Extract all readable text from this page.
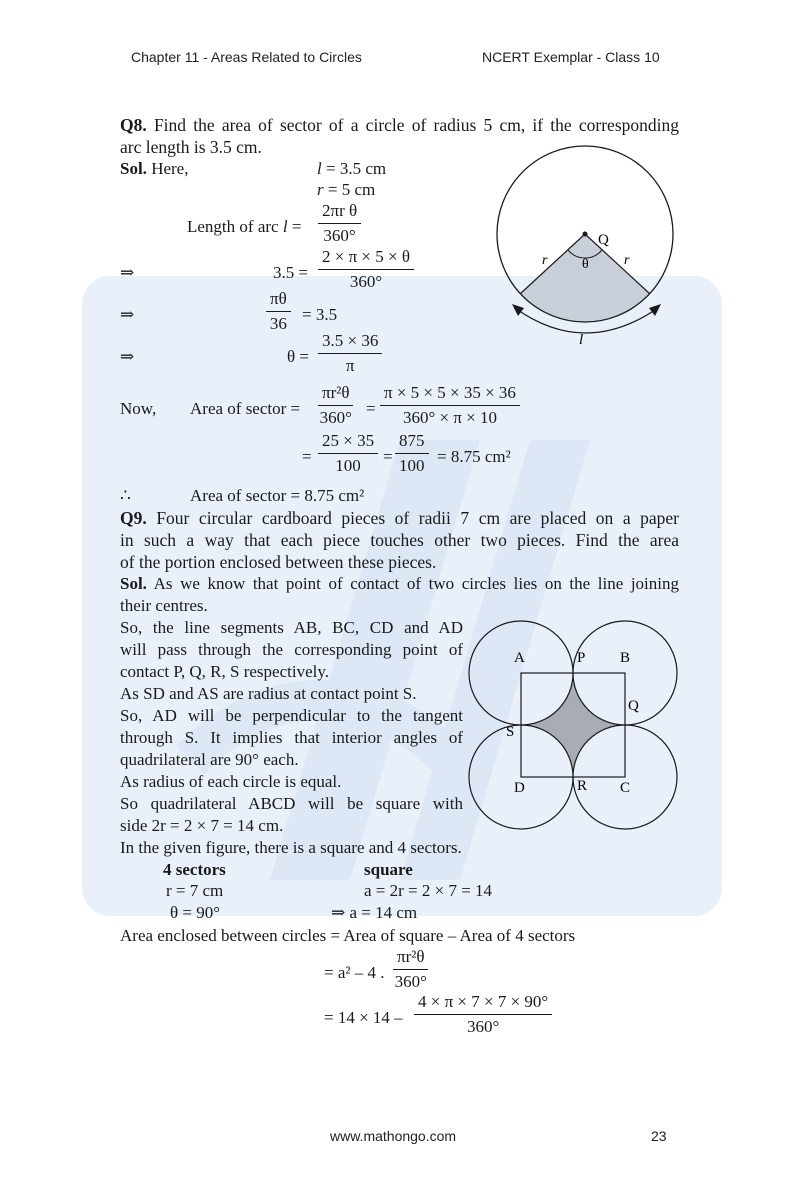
Chapter 11 - Areas Related to Circles	NCERT Exemplar - Class 10
Q8. Find the area of sector of a circle of radius 5 cm, if the corresponding
arc length is 3.5 cm.
Sol. Here,	l = 3.5 cm
r = 5 cm
Length of arc $l = \frac{\text{2πr θ}}{360^\circ}$
⇒	$3.5 = \frac{2 \times \pi \times 5 \times \theta}{360^\circ}$
⇒	$\frac{\pi\theta}{36} = 3.5$
⇒	$\theta = \frac{3.5 \times 36}{\pi}$
Now, Area of sector = $\frac{\text{πr²θ}}{360^\circ} = \frac{\pi \times 5 \times 5 \times 35 \times 36}{360^\circ \times \pi \times 10}$
= $\frac{25 \times 35}{100} = \frac{875}{100} = 8.75$ cm²
∴	Area of sector = 8.75 cm²
Q
θ
r	r
l
Q9. Four circular cardboard pieces of radii 7 cm are placed on a paper
in such a way that each piece touches other two pieces. Find the area
of the portion enclosed between these pieces.
Sol. As we know that point of contact of two circles lies on the line joining
their centres.
So, the line segments AB, BC, CD and AD
will pass through the corresponding point of
contact P, Q, R, S respectively.
As SD and AS are radius at contact point S.
So, AD will be perpendicular to the tangent
through S. It implies that interior angles of
quadrilateral are 90° each.
As radius of each circle is equal.
So quadrilateral ABCD will be square with
side 2r = 2 × 7 = 14 cm.
In the given figure, there is a square and 4 sectors.
4 sectors	square
r = 7 cm	a = 2r = 2 × 7 = 14
θ = 90°	⇒ a = 14 cm
Area enclosed between circles = Area of square – Area of 4 sectors
= a² – 4 . $\frac{\text{πr²θ}}{360^\circ}$
= $14 \times 14 - \frac{4 \times \pi \times 7 \times 7 \times 90^\circ}{360^\circ}$
A	P B
Q
S
D	R C
www.mathongo.com	23
